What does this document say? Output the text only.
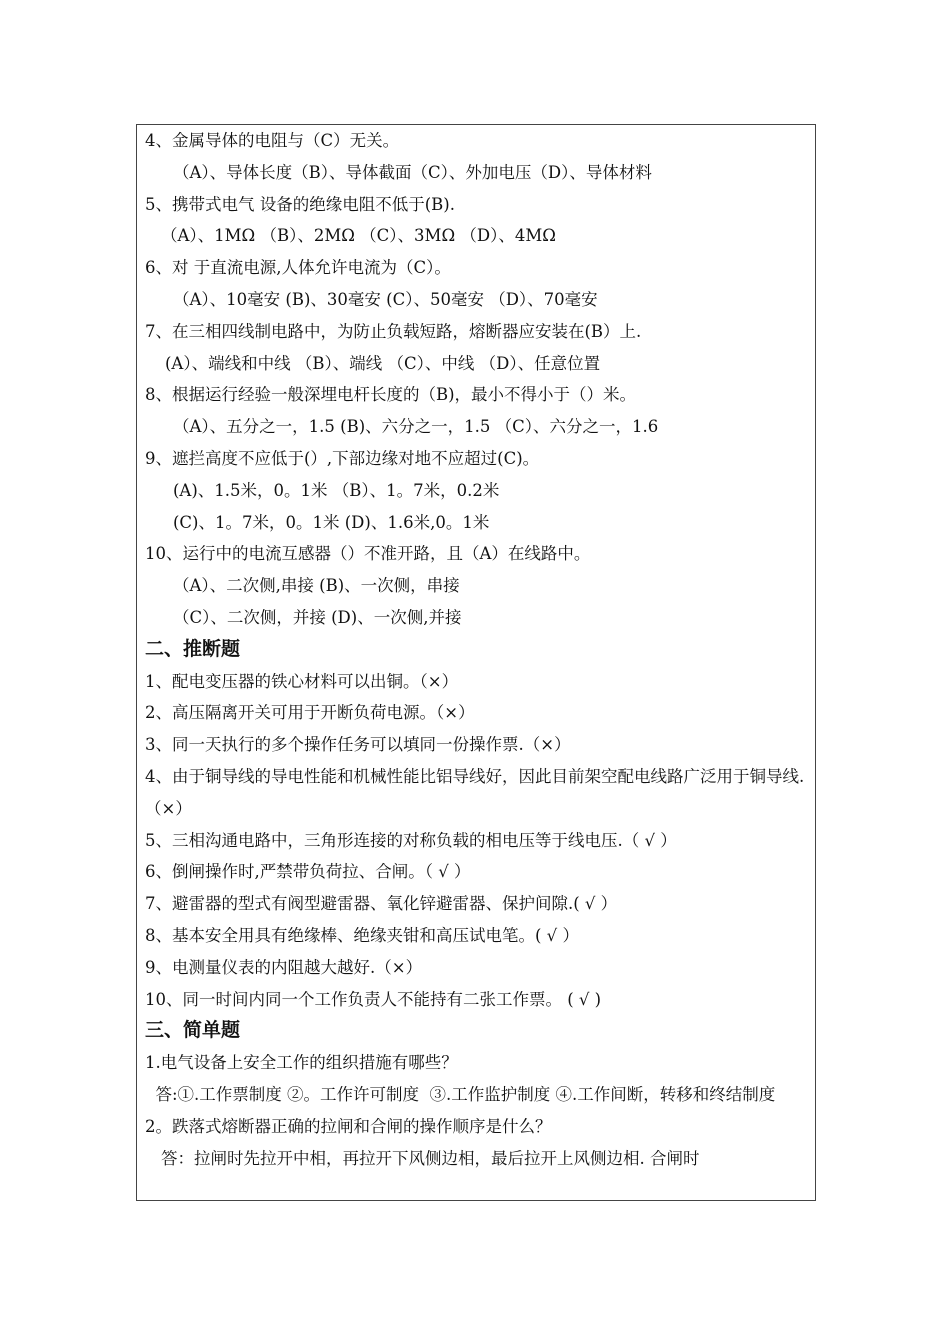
4、金属导体的电阻与（C）无关。
（A）、导体长度（B）、导体截面（C）、外加电压（D）、导体材料
5、携带式电气 设备的绝缘电阻不低于(B).
（A）、1MΩ （B）、2MΩ （C）、3MΩ （D）、4MΩ
6、对 于直流电源,人体允许电流为（C）。
（A）、10毫安 (B)、30毫安 (C）、50毫安 （D）、70毫安
7、在三相四线制电路中，为防止负载短路，熔断器应安装在(B）上.
(A）、端线和中线 （B）、端线 （C）、中线 （D）、任意位置
8、根据运行经验一般深埋电杆长度的（B)，最小不得小于（）米。
（A）、五分之一，1.5 (B)、六分之一，1.5 （C）、六分之一，1.6
9、遮拦高度不应低于(）,下部边缘对地不应超过(C)。
(A)、1.5米，0。1米 （B）、1。7米，0.2米
(C)、1。7米，0。1米 (D)、1.6米,0。1米
10、运行中的电流互感器（）不准开路，且（A）在线路中。
（A）、二次侧,串接 (B)、一次侧，串接
（C）、二次侧，并接 (D)、一次侧,并接
二、推断题
1、配电变压器的铁心材料可以出铜。（×）
2、高压隔离开关可用于开断负荷电源。（×）
3、同一天执行的多个操作任务可以填同一份操作票.（×）
4、由于铜导线的导电性能和机械性能比铝导线好，因此目前架空配电线路广泛用于铜导线.（×）
5、三相沟通电路中，三角形连接的对称负载的相电压等于线电压.（ √ ）
6、倒闸操作时,严禁带负荷拉、合闸。（ √ ）
7、避雷器的型式有阀型避雷器、氧化锌避雷器、保护间隙.( √ ）
8、基本安全用具有绝缘棒、绝缘夹钳和高压试电笔。( √ ）
9、电测量仪表的内阻越大越好.（×）
10、同一时间内同一个工作负责人不能持有二张工作票。 ( √ )
三、简单题
1.电气设备上安全工作的组织措施有哪些？
答:①.工作票制度 ②。工作许可制度  ③.工作监护制度 ④.工作间断，转移和终结制度
2。跌落式熔断器正确的拉闸和合闸的操作顺序是什么？
答：拉闸时先拉开中相，再拉开下风侧边相，最后拉开上风侧边相. 合闸时
